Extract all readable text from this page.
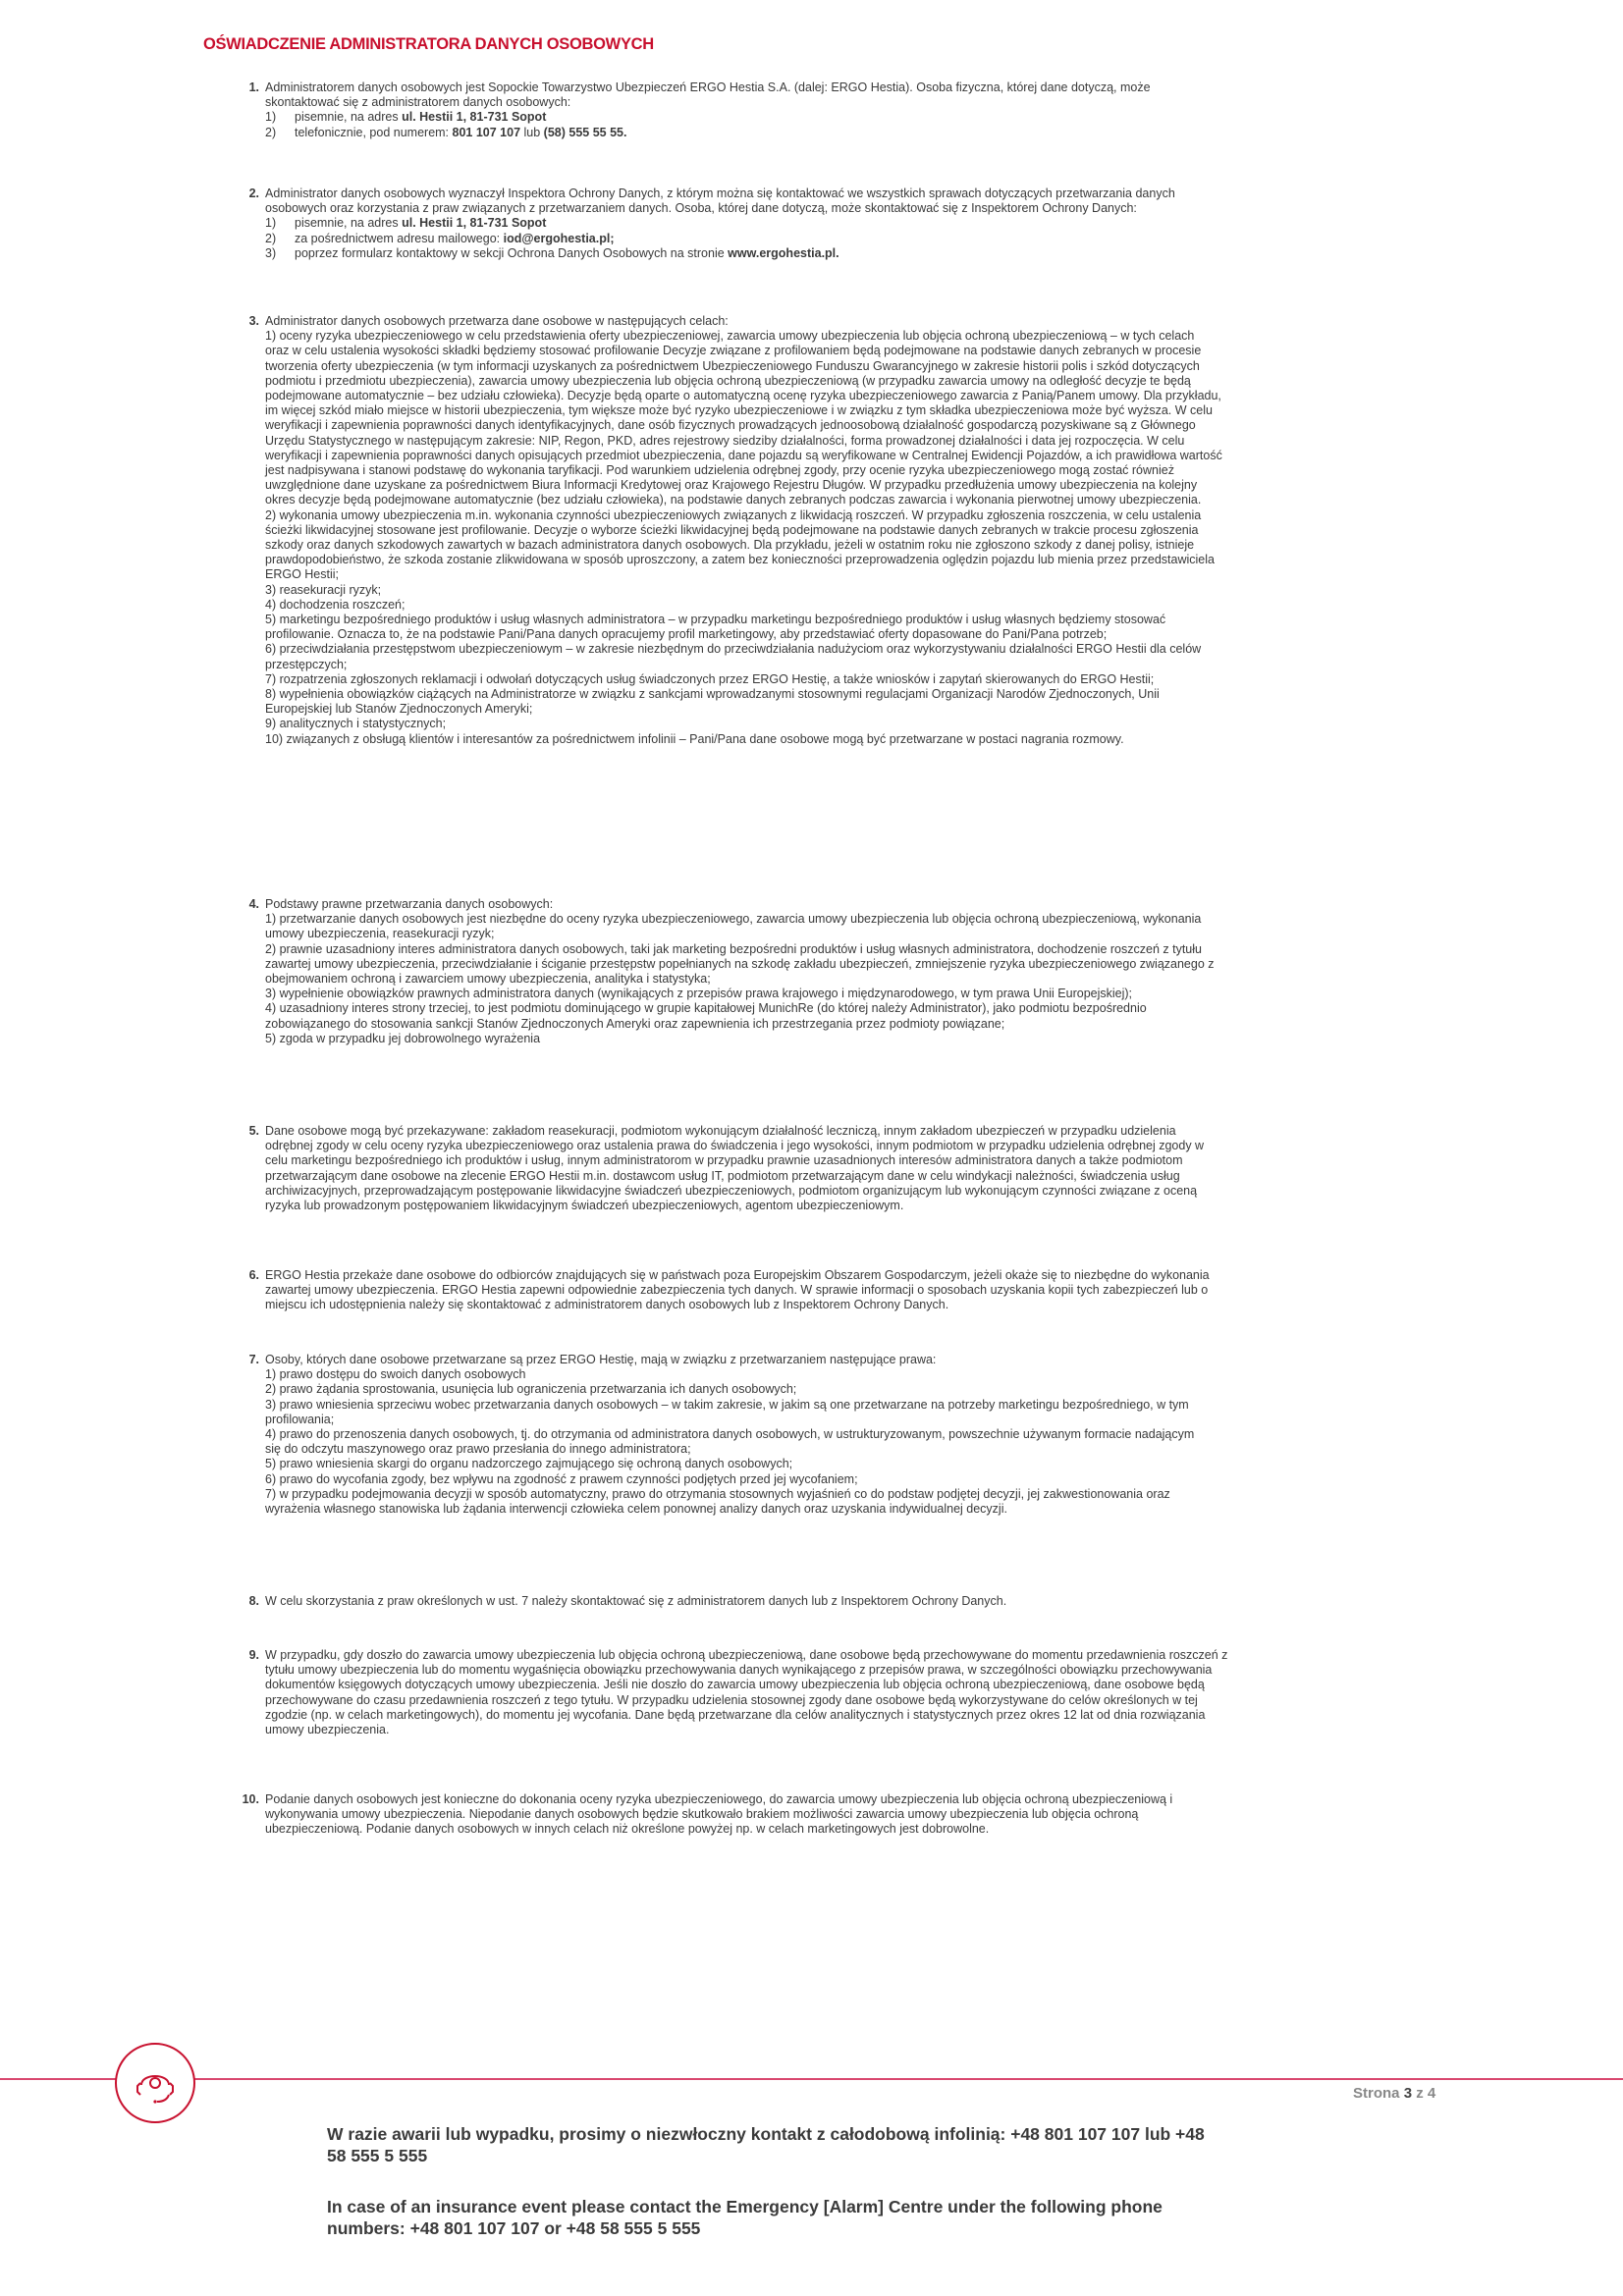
OŚWIADCZENIE ADMINISTRATORA DANYCH OSOBOWYCH
1. Administratorem danych osobowych jest Sopockie Towarzystwo Ubezpieczeń ERGO Hestia S.A. (dalej: ERGO Hestia). Osoba fizyczna, której dane dotyczą, może
skontaktować się z administratorem danych osobowych:
1) pisemnie, na adres ul. Hestii 1, 81-731 Sopot
2) telefonicznie, pod numerem: 801 107 107 lub (58) 555 55 55.
2. Administrator danych osobowych wyznaczył Inspektora Ochrony Danych, z którym można się kontaktować we wszystkich sprawach dotyczących przetwarzania danych
osobowych oraz korzystania z praw związanych z przetwarzaniem danych. Osoba, której dane dotyczą, może skontaktować się z Inspektorem Ochrony Danych:
1) pisemnie, na adres ul. Hestii 1, 81-731 Sopot
2) za pośrednictwem adresu mailowego: iod@ergohestia.pl;
3) poprzez formularz kontaktowy w sekcji Ochrona Danych Osobowych na stronie www.ergohestia.pl.
3. Administrator danych osobowych przetwarza dane osobowe w następujących celach:
1) oceny ryzyka ubezpieczeniowego w celu przedstawienia oferty ubezpieczeniowej, zawarcia umowy ubezpieczenia lub objęcia ochroną ubezpieczeniową – w tych celach
oraz w celu ustalenia wysokości składki będziemy stosować profilowanie Decyzje związane z profilowaniem będą podejmowane na podstawie danych zebranych w procesie
tworzenia oferty ubezpieczenia (w tym informacji uzyskanych za pośrednictwem Ubezpieczeniowego Funduszu Gwarancyjnego w zakresie historii polis i szkód dotyczących
podmiotu i przedmiotu ubezpieczenia), zawarcia umowy ubezpieczenia lub objęcia ochroną ubezpieczeniową (w przypadku zawarcia umowy na odległość decyzje te będą
podejmowane automatycznie – bez udziału człowieka). Decyzje będą oparte o automatyczną ocenę ryzyka ubezpieczeniowego zawarcia z Panią/Panem umowy. Dla przykładu,
im więcej szkód miało miejsce w historii ubezpieczenia, tym większe może być ryzyko ubezpieczeniowe i w związku z tym składka ubezpieczeniowa może być wyższa. W celu
weryfikacji i zapewnienia poprawności danych identyfikacyjnych, dane osób fizycznych prowadzących jednoosobową działalność gospodarczą pozyskiwane są z Głównego
Urzędu Statystycznego w następującym zakresie: NIP, Regon, PKD, adres rejestrowy siedziby działalności, forma prowadzonej działalności i data jej rozpoczęcia. W celu
weryfikacji i zapewnienia poprawności danych opisujących przedmiot ubezpieczenia, dane pojazdu są weryfikowane w Centralnej Ewidencji Pojazdów, a ich prawidłowa wartość
jest nadpisywana i stanowi podstawę do wykonania taryfikacji. Pod warunkiem udzielenia odrębnej zgody, przy ocenie ryzyka ubezpieczeniowego mogą zostać również
uwzględnione dane uzyskane za pośrednictwem Biura Informacji Kredytowej oraz Krajowego Rejestru Długów. W przypadku przedłużenia umowy ubezpieczenia na kolejny
okres decyzje będą podejmowane automatycznie (bez udziału człowieka), na podstawie danych zebranych podczas zawarcia i wykonania pierwotnej umowy ubezpieczenia.
2) wykonania umowy ubezpieczenia m.in. wykonania czynności ubezpieczeniowych związanych z likwidacją roszczeń. W przypadku zgłoszenia roszczenia, w celu ustalenia
ścieżki likwidacyjnej stosowane jest profilowanie. Decyzje o wyborze ścieżki likwidacyjnej będą podejmowane na podstawie danych zebranych w trakcie procesu zgłoszenia
szkody oraz danych szkodowych zawartych w bazach administratora danych osobowych. Dla przykładu, jeżeli w ostatnim roku nie zgłoszono szkody z danej polisy, istnieje
prawdopodobieństwo, że szkoda zostanie zlikwidowana w sposób uproszczony, a zatem bez konieczności przeprowadzenia oględzin pojazdu lub mienia przez przedstawiciela
ERGO Hestii;
3) reasekuracji ryzyk;
4) dochodzenia roszczeń;
5) marketingu bezpośredniego produktów i usług własnych administratora – w przypadku marketingu bezpośredniego produktów i usług własnych będziemy stosować
profilowanie. Oznacza to, że na podstawie Pani/Pana danych opracujemy profil marketingowy, aby przedstawiać oferty dopasowane do Pani/Pana potrzeb;
6) przeciwdziałania przestępstwom ubezpieczeniowym – w zakresie niezbędnym do przeciwdziałania nadużyciom oraz wykorzystywaniu działalności ERGO Hestii dla celów
przestępczych;
7) rozpatrzenia zgłoszonych reklamacji i odwołań dotyczących usług świadczonych przez ERGO Hestię, a także wniosków i zapytań skierowanych do ERGO Hestii;
8) wypełnienia obowiązków ciążących na Administratorze w związku z sankcjami wprowadzanymi stosownymi regulacjami Organizacji Narodów Zjednoczonych, Unii
Europejskiej lub Stanów Zjednoczonych Ameryki;
9) analitycznych i statystycznych;
10) związanych z obsługą klientów i interesantów za pośrednictwem infolinii – Pani/Pana dane osobowe mogą być przetwarzane w postaci nagrania rozmowy.
4. Podstawy prawne przetwarzania danych osobowych:
1) przetwarzanie danych osobowych jest niezbędne do oceny ryzyka ubezpieczeniowego, zawarcia umowy ubezpieczenia lub objęcia ochroną ubezpieczeniową, wykonania
umowy ubezpieczenia, reasekuracji ryzyk;
2) prawnie uzasadniony interes administratora danych osobowych, taki jak marketing bezpośredni produktów i usług własnych administratora, dochodzenie roszczeń z tytułu
zawartej umowy ubezpieczenia, przeciwdziałanie i ściganie przestępstw popełnianych na szkodę zakładu ubezpieczeń, zmniejszenie ryzyka ubezpieczeniowego związanego z
obejmowaniem ochroną i zawarciem umowy ubezpieczenia, analityka i statystyka;
3) wypełnienie obowiązków prawnych administratora danych (wynikających z przepisów prawa krajowego i międzynarodowego, w tym prawa Unii Europejskiej);
4) uzasadniony interes strony trzeciej, to jest podmiotu dominującego w grupie kapitałowej MunichRe (do której należy Administrator), jako podmiotu bezpośrednio
zobowiązanego do stosowania sankcji Stanów Zjednoczonych Ameryki oraz zapewnienia ich przestrzegania przez podmioty powiązane;
5) zgoda w przypadku jej dobrowolnego wyrażenia
5. Dane osobowe mogą być przekazywane: zakładom reasekuracji, podmiotom wykonującym działalność leczniczą, innym zakładom ubezpieczeń w przypadku udzielenia
odrębnej zgody w celu oceny ryzyka ubezpieczeniowego oraz ustalenia prawa do świadczenia i jego wysokości, innym podmiotom w przypadku udzielenia odrębnej zgody w
celu marketingu bezpośredniego ich produktów i usług, innym administratorom w przypadku prawnie uzasadnionych interesów administratora danych a także podmiotom
przetwarzającym dane osobowe na zlecenie ERGO Hestii m.in. dostawcom usług IT, podmiotom przetwarzającym dane w celu windykacji należności, świadczenia usług
archiwizacyjnych, przeprowadzającym postępowanie likwidacyjne świadczeń ubezpieczeniowych, podmiotom organizującym lub wykonującym czynności związane z oceną
ryzyka lub prowadzonym postępowaniem likwidacyjnym świadczeń ubezpieczeniowych, agentom ubezpieczeniowym.
6. ERGO Hestia przekaże dane osobowe do odbiorców znajdujących się w państwach poza Europejskim Obszarem Gospodarczym, jeżeli okaże się to niezbędne do wykonania
zawartej umowy ubezpieczenia. ERGO Hestia zapewni odpowiednie zabezpieczenia tych danych. W sprawie informacji o sposobach uzyskania kopii tych zabezpieczeń lub o
miejscu ich udostępnienia należy się skontaktować z administratorem danych osobowych lub z Inspektorem Ochrony Danych.
7. Osoby, których dane osobowe przetwarzane są przez ERGO Hestię, mają w związku z przetwarzaniem następujące prawa:
1) prawo dostępu do swoich danych osobowych
2) prawo żądania sprostowania, usunięcia lub ograniczenia przetwarzania ich danych osobowych;
3) prawo wniesienia sprzeciwu wobec przetwarzania danych osobowych – w takim zakresie, w jakim są one przetwarzane na potrzeby marketingu bezpośredniego, w tym
profilowania;
4) prawo do przenoszenia danych osobowych, tj. do otrzymania od administratora danych osobowych, w ustrukturyzowanym, powszechnie używanym formacie nadającym
się do odczytu maszynowego oraz prawo przesłania do innego administratora;
5) prawo wniesienia skargi do organu nadzorczego zajmującego się ochroną danych osobowych;
6) prawo do wycofania zgody, bez wpływu na zgodność z prawem czynności podjętych przed jej wycofaniem;
7) w przypadku podejmowania decyzji w sposób automatyczny, prawo do otrzymania stosownych wyjaśnień co do podstaw podjętej decyzji, jej zakwestionowania oraz
wyrażenia własnego stanowiska lub żądania interwencji człowieka celem ponownej analizy danych oraz uzyskania indywidualnej decyzji.
8. W celu skorzystania z praw określonych w ust. 7 należy skontaktować się z administratorem danych lub z Inspektorem Ochrony Danych.
9. W przypadku, gdy doszło do zawarcia umowy ubezpieczenia lub objęcia ochroną ubezpieczeniową, dane osobowe będą przechowywane do momentu przedawnienia roszczeń z
tytułu umowy ubezpieczenia lub do momentu wygaśnięcia obowiązku przechowywania danych wynikającego z przepisów prawa, w szczególności obowiązku przechowywania
dokumentów księgowych dotyczących umowy ubezpieczenia. Jeśli nie doszło do zawarcia umowy ubezpieczenia lub objęcia ochroną ubezpieczeniową, dane osobowe będą
przechowywane do czasu przedawnienia roszczeń z tego tytułu. W przypadku udzielenia stosownej zgody dane osobowe będą wykorzystywane do celów określonych w tej
zgodzie (np. w celach marketingowych), do momentu jej wycofania. Dane będą przetwarzane dla celów analitycznych i statystycznych przez okres 12 lat od dnia rozwiązania
umowy ubezpieczenia.
10. Podanie danych osobowych jest konieczne do dokonania oceny ryzyka ubezpieczeniowego, do zawarcia umowy ubezpieczenia lub objęcia ochroną ubezpieczeniową i
wykonywania umowy ubezpieczenia. Niepodanie danych osobowych będzie skutkowało brakiem możliwości zawarcia umowy ubezpieczenia lub objęcia ochroną
ubezpieczeniową. Podanie danych osobowych w innych celach niż określone powyżej np. w celach marketingowych jest dobrowolne.
Strona 3 z 4
W razie awarii lub wypadku, prosimy o niezwłoczny kontakt z całodobową infolinią: +48 801 107 107 lub +48
58 555 5 555
In case of an insurance event please contact the Emergency [Alarm] Centre under the following phone
numbers: +48 801 107 107 or +48 58 555 5 555
